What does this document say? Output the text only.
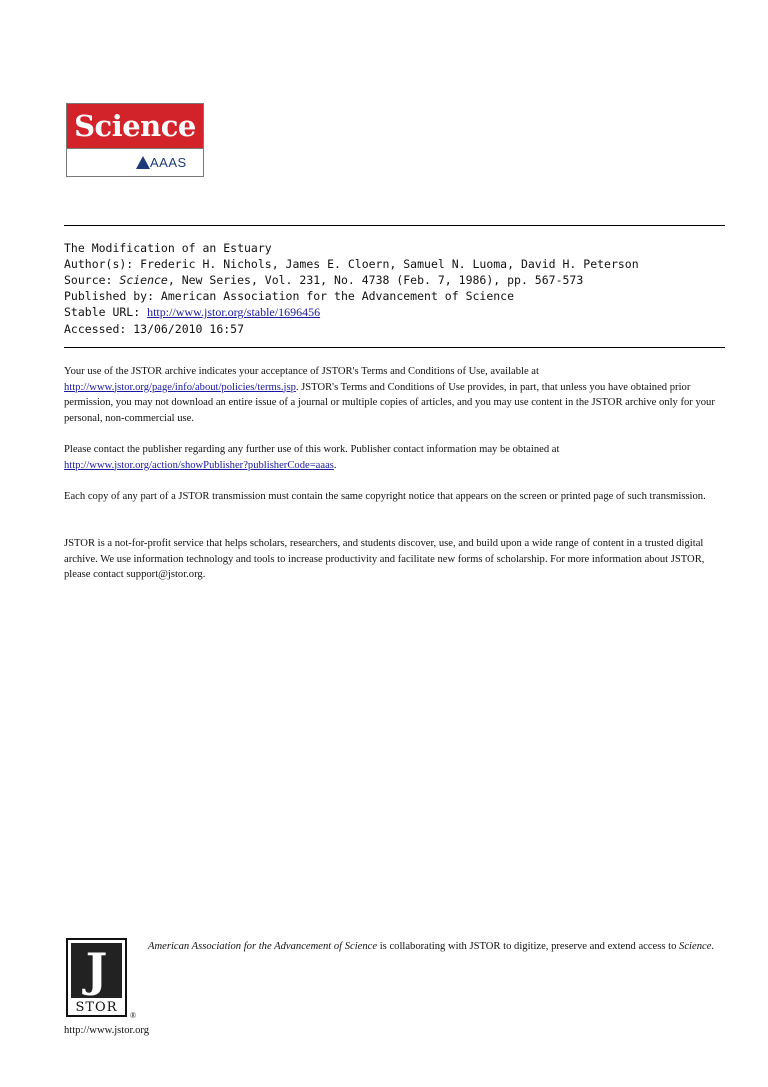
Science
AAAS
The Modification of an Estuary
Author(s): Frederic H. Nichols, James E. Cloern, Samuel N. Luoma, David H. Peterson
Source: Science, New Series, Vol. 231, No. 4738 (Feb. 7, 1986), pp. 567-573
Published by: American Association for the Advancement of Science
Stable URL: http://www.jstor.org/stable/1696456
Accessed: 13/06/2010 16:57

Your use of the JSTOR archive indicates your acceptance of JSTOR's Terms and Conditions of Use, available at
http://www.jstor.org/page/info/about/policies/terms.jsp. JSTOR's Terms and Conditions of Use provides, in part, that unless you have obtained prior permission, you may not download an entire issue of a journal or multiple copies of articles, and you may use content in the JSTOR archive only for your personal, non-commercial use.

Please contact the publisher regarding any further use of this work. Publisher contact information may be obtained at
http://www.jstor.org/action/showPublisher?publisherCode=aaas.

Each copy of any part of a JSTOR transmission must contain the same copyright notice that appears on the screen or printed page of such transmission.

JSTOR is a not-for-profit service that helps scholars, researchers, and students discover, use, and build upon a wide range of content in a trusted digital archive. We use information technology and tools to increase productivity and facilitate new forms of scholarship. For more information about JSTOR, please contact support@jstor.org.

J
STOR
®
American Association for the Advancement of Science is collaborating with JSTOR to digitize, preserve and extend access to Science.
http://www.jstor.org
